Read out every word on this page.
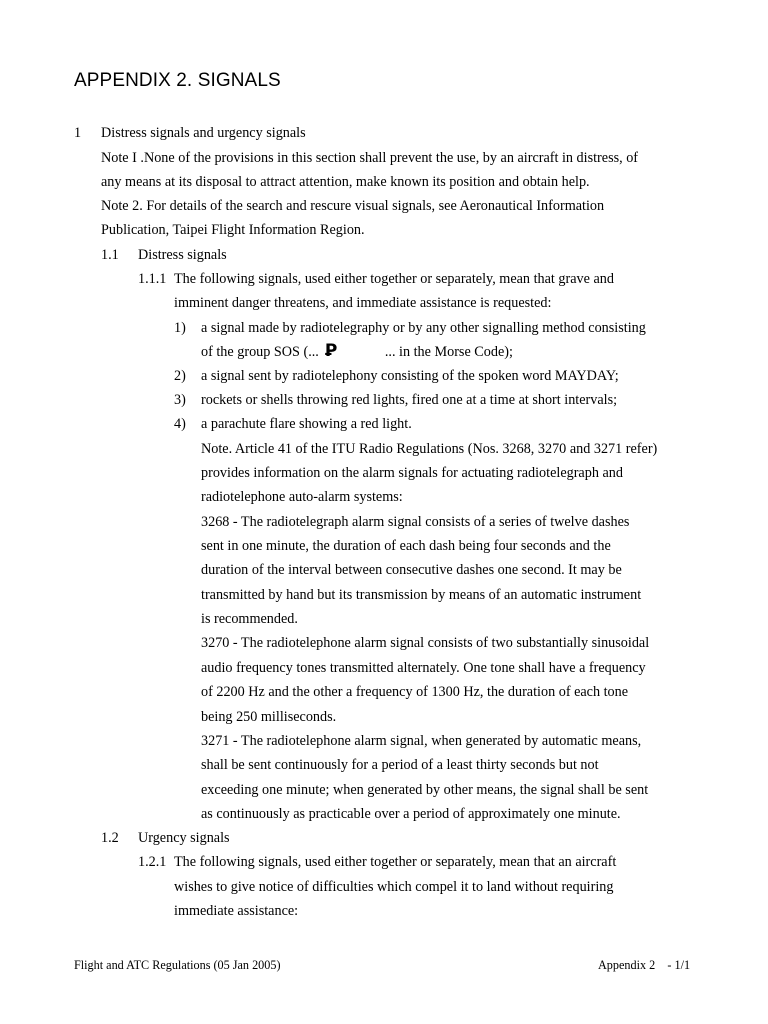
APPENDIX 2. SIGNALS
1 Distress signals and urgency signals
Note I .None of the provisions in this section shall prevent the use, by an aircraft in distress, of
any means at its disposal to attract attention, make known its position and obtain help.
Note 2. For details of the search and rescure visual signals, see Aeronautical Information
Publication, Taipei Flight Information Region.
1.1 Distress signals
1.1.1 The following signals, used either together or separately, mean that grave and
imminent danger threatens, and immediate assistance is requested:
1) a signal made by radiotelegraphy or by any other signalling method consisting
of the group SOS (... Ꝑ	... in the Morse Code);
2) a signal sent by radiotelephony consisting of the spoken word MAYDAY;
3) rockets or shells throwing red lights, fired one at a time at short intervals;
4) a parachute flare showing a red light.
Note. Article 41 of the ITU Radio Regulations (Nos. 3268, 3270 and 3271 refer)
provides information on the alarm signals for actuating radiotelegraph and
radiotelephone auto-alarm systems:
3268 - The radiotelegraph alarm signal consists of a series of twelve dashes
sent in one minute, the duration of each dash being four seconds and the
duration of the interval between consecutive dashes one second. It may be
transmitted by hand but its transmission by means of an automatic instrument
is recommended.
3270 - The radiotelephone alarm signal consists of two substantially sinusoidal
audio frequency tones transmitted alternately. One tone shall have a frequency
of 2200 Hz and the other a frequency of 1300 Hz, the duration of each tone
being 250 milliseconds.
3271 - The radiotelephone alarm signal, when generated by automatic means,
shall be sent continuously for a period of a least thirty seconds but not
exceeding one minute; when generated by other means, the signal shall be sent
as continuously as practicable over a period of approximately one minute.
1.2 Urgency signals
1.2.1 The following signals, used either together or separately, mean that an aircraft
wishes to give notice of difficulties which compel it to land without requiring
immediate assistance:
Flight and ATC Regulations (05 Jan 2005)	Appendix 2    - 1/1
